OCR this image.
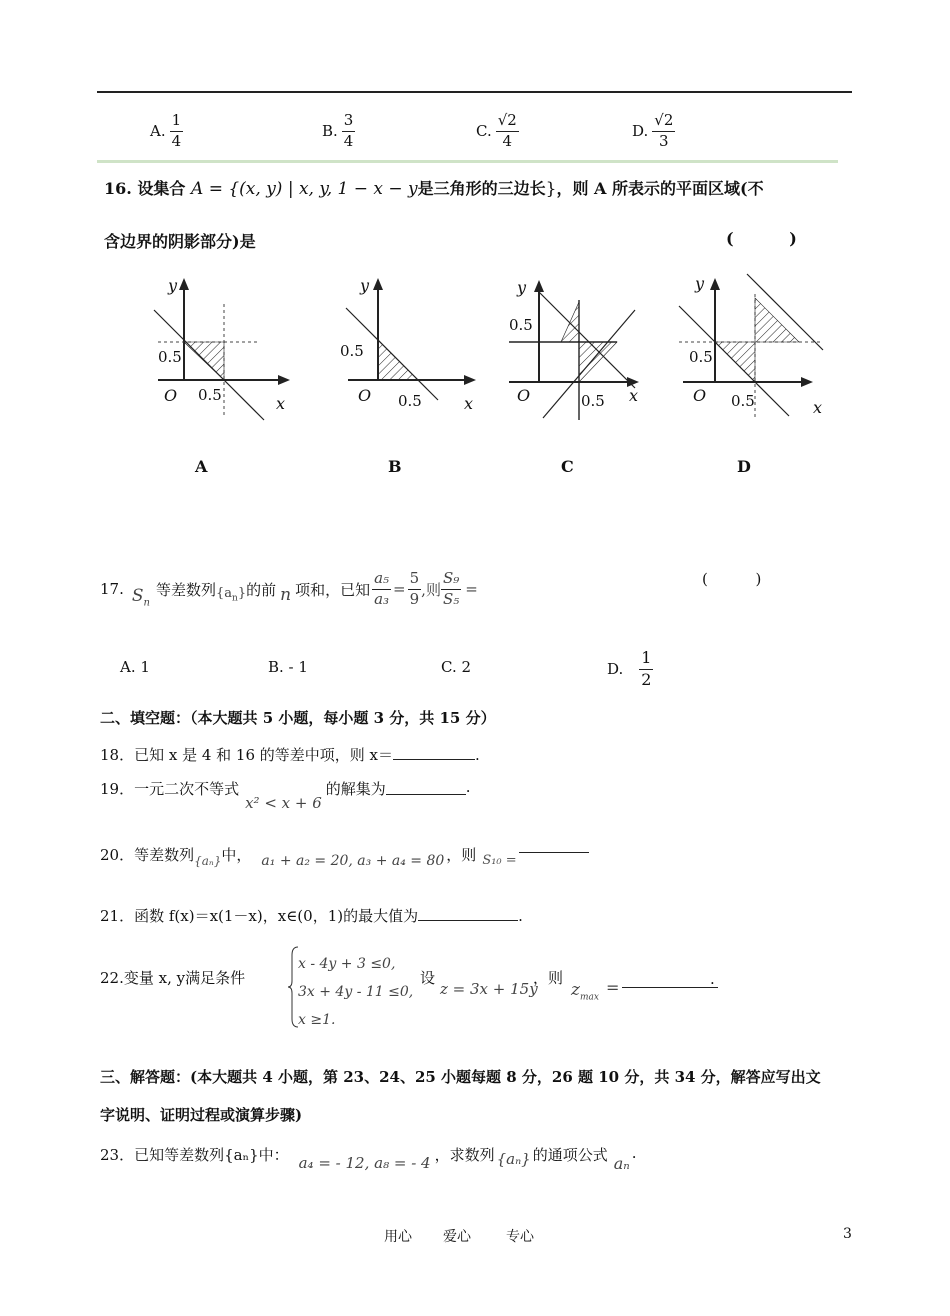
A. $\frac{1}{4}$	B. $\frac{3}{4}$	C. $\frac{√2}{4}$	D. $\frac{√2}{3}$
16. 设集合 A = {(x, y) | x, y, 1 − x − y是三角形的三边长}，则 A 所表示的平面区域(不
含边界的阴影部分)是	(          )
y
0.5
O 0.5	x
0.5
y
O 0.5	x
y
0.5
O	0.5 x
y
0.5
O 0.5	x
A	B	C	D
17. $S_n$
等差数列 $\{a_n\}$ 的前 n 项和，已知 $\frac{\text{a₅}}{\text{a₃}} = \frac{5}{9}$ ,则 $\frac{\text{S₉}}{\text{S₅}}$ =
(          )
A. 1	B. - 1	C. 2	D. $\frac{1}{2}$
二、填空题：（本大题共 5 小题，每小题 3 分，共 15 分）
18．已知 x 是 4 和 16 的等差中项，则 x＝	.
19．一元二次不等式
x² < x + 6
的解集为	.
20．等差数列 {aₙ} 中， a₁ + a₂ = 20, a₃ + a₄ = 80 ，则 S₁₀ =
21．函数 f(x)＝x(1－x)，x∈(0，1)的最大值为	.
22.变量 x, y满足条件
x - 4y + 3 ≤0,
3x + 4y - 11 ≤0,
x ≥1.
设
z = 3x + 15y
，则
$z_{max}$
=	.
三、解答题：(本大题共 4 小题，第 23、24、25 小题每题 8 分，26 题 10 分，共 34 分，解答应写出文
字说明、证明过程或演算步骤)
23．已知等差数列{aₙ}中： a₄ = - 12, a₈ = - 4 ，求数列 {aₙ} 的通项公式 aₙ
.
用心 爱心	专心	3
